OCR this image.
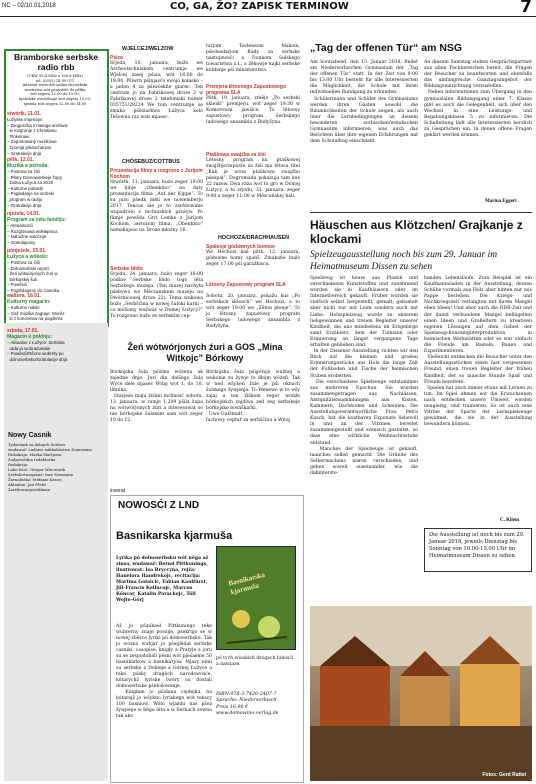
NC – 02/10.01.2018	CO, GA, ŽO? ZAPISK TERMINOW	7
Bramborske serbske radio rbb
(UKW 93,4 MHz a 100,6 MHz)
tel. (0355) 14 99 071
internet www.rbb-online.de/serbski
wustrowa wót pónjeźele do pětka
wót zegera 12.00 do 13.00;
njeźelske wusćełanje wót zegera 19.00;
njeźela wót zegera 12.00 do 14.00
stwórtk, 11.01.
Łužyske impresije:
– Drogosćka z nasoga archiwa:
w rozgronje z Christianu
Pinkelowu
– Zapórtowany muzikowe
žycenja pśiducharjow
– Gratulacije dnja
pětk, 12.01.
Muzika a pśiroda:
– Postrow za źiśi
– Płany Domowinskeje župy
Dolna Łužyca za 2018
– Kulturne pokazki
– Pogledanje na serbski
program w radiju
– Gratulacije dnja
njeźela, 14.01.
Program za cełu familiju:
– Aktualnosći
– Rozglosowa wokłapnica
– Nabožne wacćinje
– Gratulajcany
pónjeźele, 15.01.
Łužyca a wókoło:
– Postrow za źiśi
– Dolnoserbski report:
Žeń wótwórjonych źuri w
bórkojskej šuli
– Powěsći
– Poglědajomy do Casnika
waltora, 16.01.
Kulturny magacin:
– Kulturne nołcki
– Gaž muzika zagraje: Wurěz-
ki z koncertow na pogóleźa

srjoda, 17.01.
Magacin k połdnju:
– Aktualne z Łužyce: Serbska
rada ja wobradowała
– Powěsći/Rěcne wobrety po
dolnoserbsku/Gratulacije dnja
Nowy Casnik
Tydzeńnik za dolnych Serbow
wudawaŕ: Ludowe nakładnistwo Domowina
Redakcija: Marka Maćijowa
Zodpowědna redaktorka
Redakcija:
Lube hósć: Gregor Wieczorek
Serbskočasopisne: Ines Neumann
Žurnalistka: Stefanie Krawc
Aktualne: Jan Pěchč
Zarědowanje/reklama
WJELCEJ/WELZOW
Pśiza
Srjoda, 10. januara, bužo we Archeotechniskem centrumje we Wjelcej zasej pśiza, wót 16:00 do 18:00. Pšiwrn pśinjasćo swójo kołasko – a jaden 4 za pśiwóskńe giarnc. Ten centrum jo na Fabrikowej drozе 2 w Fabrikowej drozе 2 telefoniski numer 035751/28224 We tom centrumje se zmaka pśěziarkwa Łužyca kelo Tešowna raz wob mjasec.
CHÓSEBUZ/COTTBUS
Prezentacija filmy a rozgrono z Jurijom Kochom
Stwórtk, 11. januara, buźo zeger 19:00 we kinje „Obenkino” na daty prezentacija filma „Auf der Kippe”. To su jużo pśedk mėli we nowemberju 2017. Tencas ale jo to zarědowane wupadrolo z techniskich pśiwyw. Po filmje powěda Grit Lemke z Jurijom Kochom, awtorom filma. „Obenkino” namakajoso na Drozе młożny 16.
Serbske blido
Srjodu, 24. januara, bužo zeger 18:00 pódlne Serbske blido togo lěta Serbskego muzeja. (Ten muzej nachyła pśebywa we Měcsanskem muzeju na Dwórnicowej drozе 22). Tema wukowa bužo „Serbšćina w nowej šuloki karni – co móžomy wužwaś w Dolnej Łužycy?” To rozgrono bužo ze serbskim cep-
tarjom Tostensom Makom, pśedsedarjom Rady za serbske nastupnosći a člonkom Sulskego towaristwa z.t., a žěkowje kajki serbske kubłanje pśi ministarstwa.
Premjera lětosnego Zapustowego programa SLA
Pětk, 19. januara, změjo „Po serbski skleidi” premjeru, wót zeger 19:30 w Komorowni jawiśce. To lětosny zapustowy program Serbskego ludowego ansambla z Budyšyna.
Ptaškowa swajźba za źiśi
Lětosny program ku ptaškowej swajźbje/zapuste za źiśi ma lětosa titel „Kak je wron ptaškowu swajźbu pśespał”. Dogromadu pokazuju tam kus 22 razow. Dwa raza wot to gro w Dolnej Łužycy, a to srjodu, 31. januara, zeger 9:00 a zeger 11:00 w Měscańskej hali.
HOCHOZA/DRACHHAUSEN
Spalenje gódownych bomow
We Hochozi ksě pětk, 12. januara, gódowne bomy spališ. Zmakańe bužo zeger 17:00 pśi garažkiscu.
Lětosny Zapustowy program SLA
Sobotu, 20. januara, pokažu kus „Po serbskich skleach” we Hochozi, a to wót zeger 18:00 we „Zěton płonje”. To jo lětosny zapustowy program Serbskego ludowego ansambla z Budyšyna.
Žeń wótwórjonych źuri a GOS „Mina Witkojc” Bórkowy
Bórkojska šula pśiśmo wóżenu ak zajedne dnje. Juri dla dalšego šula Wyce dele mjasec Witaj wot 1. do 10. lětnika.
Starjeśe maju źiśimi móžnosć sobotu, 13. januara, w ramje 1.209 pšila župa na wótwórjonych źuri a interesowat so nie bórkojske šulskem sam wót zeger 10 do 12.
Bórkojska šula pśigótujo wužnej a wukonie zu žywje to dłojm wóżeň. Tak w ned wšyken žule je pśi oknach šulskego žywjenja. To Wenewe w to wšy zajaj a ten źiśkom zeger wódźe bórkojskich zajdiwa zed zeg serbskeje bórkojske bosnškarki.
Uwe Gutšmidt,
fachowy ceptaŕ za serbšćinu a Witaj
inserat
NOWOSĆI Z LND
Basnikarska kjarmuša
Lyrika pó dolnoserbsku wót něga až zinsa, wudawaŕ: Bernd Pittkunings, ilustrowat: Isa Bryccyna, rejža: Hanelora Handrekojc, recitacija: Martina Golaicic, Fabian Kaulfürst, Jill-Francis Kellucojc, Marcus Kóncar, Katalin Porackojc, Tóll Wojto-Górj
Až jo pśinikaeł Pittkunings teke wubrernу znaje poezije, pśekrujo se w nowej zběrce lyriki pó dolnoserbsku. Tak jo wózna wubjar jo pśeglědał serbske casniki, casopise, knigły a Pratyje a joru su se zespodobali pěsni wót pjeśaeme 50 basnikarkow a basnikarjow. Mjazy nimi su serbske z Dolnejе a Górnej Łužyce a teke pśeky druglich narodowosće, kótarychž lyriske twóry su dostali dolnoserbske pśełožowanje.
Knigłam jo pśidana cejdejka, na kótarejž jo wšykno lyriskego wót tekscy 100 basniow. Wóni wjażdu nas pšez žywjenje w běgu lěta a w Serbach zowno tak ako
Basnikarska kjarmuša
pó tych wiaskich drogach lubosći a nawiaze.
ISBN:978-3-7420-2407-7
Sprache: Niedersorbisch
Preis 16,90 €
www.domowina-verlag.de
„Tag der offenen Tür“ am NSG
Am Sonnabend, den 13. Januar 2018, findet am Niedersorbischen Gymnasium der „Tag der offenen Tür“ statt. In der Zeit von 9:00 bis 13:00 Uhr besteht für alle Interessierten die Möglichkeit, die Schule mit ihren individuellen Rundgang zu erkunden.
Schülerinnen und Schüler des Gymnasiums werden ihren Gästen sowohl die Räumlichkeiten der Schule zeigen, als auch über die Lernbedingungen an diesem besonderen sorbischen/wendischen Gymnasium informieren, was auch das Berichten über ihre eigenen Erfahrungen mit dem Schulalltag einschließt.
An diesem Samstag stehen Gesprächspartner aus allen Fachbereichen bereit, die Fragen der Besucher zu beantworten und ebenfalls das umfangreiche Ganztagsangebot der Bildungseinrichtung vorzustellen.
Neben Informationen zum Übergang in den gymnasialen Bildungsgang einer 7. Klasse gibt es auch die Gelegenheit, sich über den Wechsel in eine Leistungs- und Begabungsklasse 5 zu informieren. Die Schulleitung lädt alle Interessierten herzlich zu Gesprächen ein, in denen offene Fragen geklärt werden können.
Marina Eggert
Häuschen aus Klötzchen/ Grajkanje z klockami
Spielzeugausstellung noch bis zum 29. Januar im Heimatmuseum Dissen zu sehen
Spielzeug ist heute aus Plastik und verschiedenen Kunststoffen und zunehmend wurden sie in Kaufhäusern oder im Internetbereich gekauft. Früher wurden sie vielfach selbst hergestellt, gemalt, gebastelt aber nicht nur mit Leim sondern auch mit Liebe. Holzspielzeug wurde zu unserem liebgewonnen und treuen Begleiter unserer Kindheit, die uns mindestens im Erzgebirge samt Erzählers, dem der Tulmann oder Erinnerung an längst vergangene Tage erhalten geblieben sind.
In der Dissener Ausstellung richten wir den Blick auf die kleinen und großen Erinnerungsstücke aus Holz die lange Zeit der Fußboden und Tische der heimischen Stuben eroberten.
Die verschiedene Spielzeuge entstammen aus mehreren Epochen. Sie wurden zusammengetragen aus Nachlässen, Antiquitätensammlungen aus Kisten, Kammern, Dachboden und Scheunen. Die Ausstellungsverantwortliche Frau Petra Kusch, hat die kostbaren Exponate liebevoll in und an der Vitrinen bereitet zusammengestellt und szenisch gestaltet, so dass eine wirkliche Weihnachtsstube entstand.
Manches der Spielzeuge ist gekauft, manches selbst gemacht. Die Gründe des Selbermachens waren verschieden, und geben soweit auseinander, wie die dahinterste-
henden Lebensläufe. Zum Beispiel ist ein Kaufmannsladen in der Ausstellung, dessen Schübe vormals aus Holz aber hinten nur aus Pappe bestehen. Die Kriegs- und Nachkriegszeit verlangten mit ihrem Mangel eben Ideen! Und aber auch die DDR-Zeit und der damit verbundene Mangel beflügelten einen Ideen und Großeltern zu kreativen eigenen Lösungen auf dem Gebiet der Spielzeug-Konsumgüterproduktion in heimischen Werkstätten oder es war einfach die Freude am Basteln, Bauen und Experimentieren.
Vielleicht entdecken die Besucher unter den Ausstellungsstücken einen fast vergessenen Freund, einen treuen Begleiter der frühen Kindheit, der so manche Stunde Spaß und Freude bereitete.
Spielen hat auch immer etwas mit Lernen zu tun. Im Spiel ahmen wir die Erwachsenen nach, entdecken unsere Umwelt, werden neugierig, und trainieren. So ist auch eine Vitrine der Sparte der Lernspielzeuge gewidmet, die sie in der Ausstellung bewundern können.
C. Kliem
Die Ausstellung ist noch bis zum 29. Januar 2018, jeweils Dienstag bis Sonntag von 10.00-15.00 Uhr im Heimatmuseum Dissen zu sehen.
Fotos: Gerd Rattei
